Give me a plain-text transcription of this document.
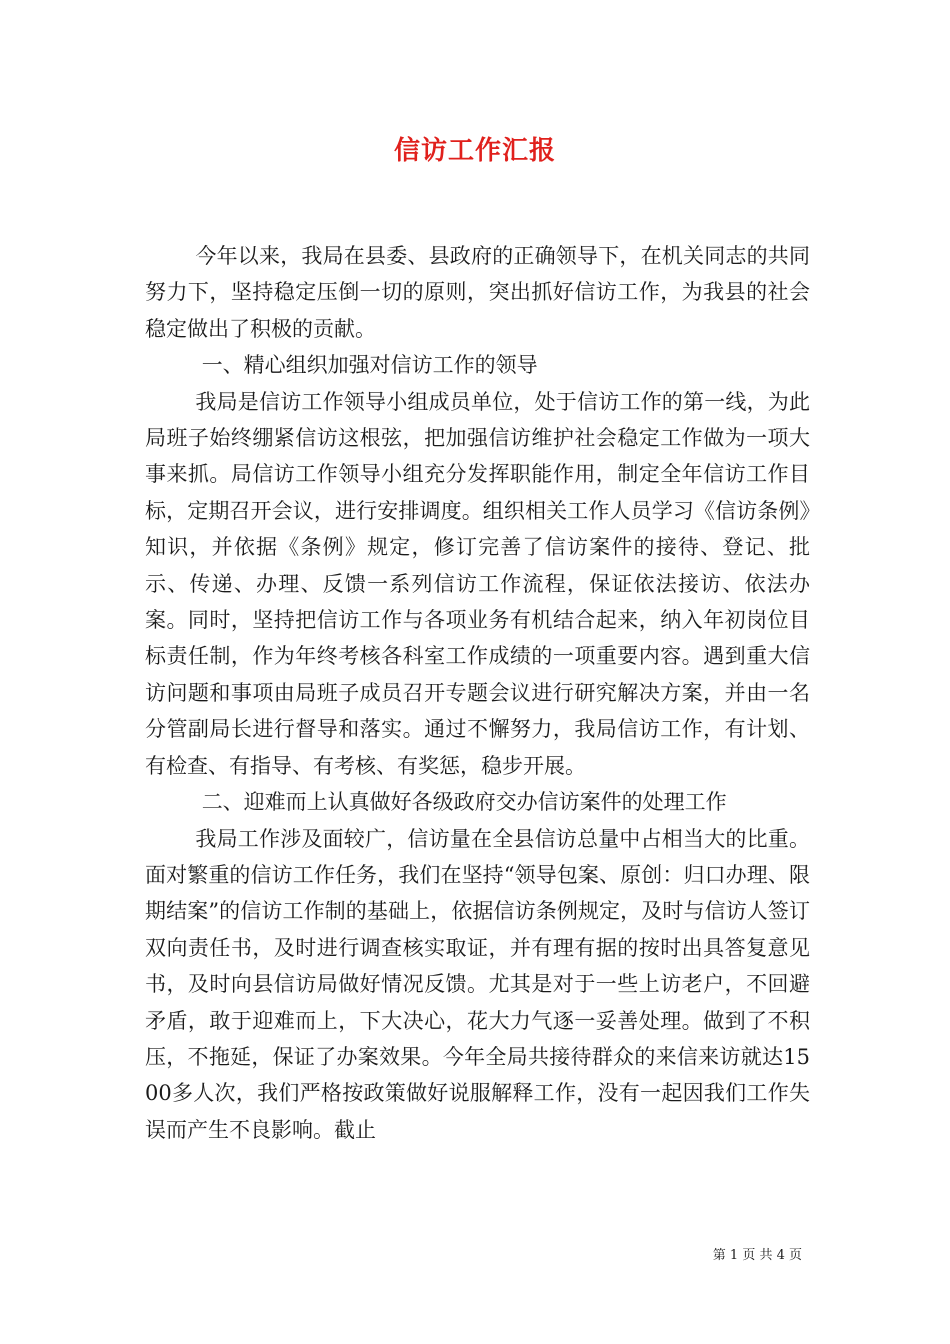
信访工作汇报

今年以来，我局在县委、县政府的正确领导下，在机关同志的共同努力下，坚持稳定压倒一切的原则，突出抓好信访工作，为我县的社会稳定做出了积极的贡献。

一、精心组织加强对信访工作的领导

我局是信访工作领导小组成员单位，处于信访工作的第一线，为此局班子始终绷紧信访这根弦，把加强信访维护社会稳定工作做为一项大事来抓。局信访工作领导小组充分发挥职能作用，制定全年信访工作目标，定期召开会议，进行安排调度。组织相关工作人员学习《信访条例》知识，并依据《条例》规定，修订完善了信访案件的接待、登记、批示、传递、办理、反馈一系列信访工作流程，保证依法接访、依法办案。同时，坚持把信访工作与各项业务有机结合起来，纳入年初岗位目标责任制，作为年终考核各科室工作成绩的一项重要内容。遇到重大信访问题和事项由局班子成员召开专题会议进行研究解决方案，并由一名分管副局长进行督导和落实。通过不懈努力，我局信访工作，有计划、有检查、有指导、有考核、有奖惩，稳步开展。

二、迎难而上认真做好各级政府交办信访案件的处理工作

我局工作涉及面较广，信访量在全县信访总量中占相当大的比重。面对繁重的信访工作任务，我们在坚持“领导包案、原创：归口办理、限期结案”的信访工作制的基础上，依据信访条例规定，及时与信访人签订双向责任书，及时进行调查核实取证，并有理有据的按时出具答复意见书，及时向县信访局做好情况反馈。尤其是对于一些上访老户，不回避矛盾，敢于迎难而上，下大决心，花大力气逐一妥善处理。做到了不积压，不拖延，保证了办案效果。今年全局共接待群众的来信来访就达1500多人次，我们严格按政策做好说服解释工作，没有一起因我们工作失误而产生不良影响。截止

第 1 页 共 4 页
